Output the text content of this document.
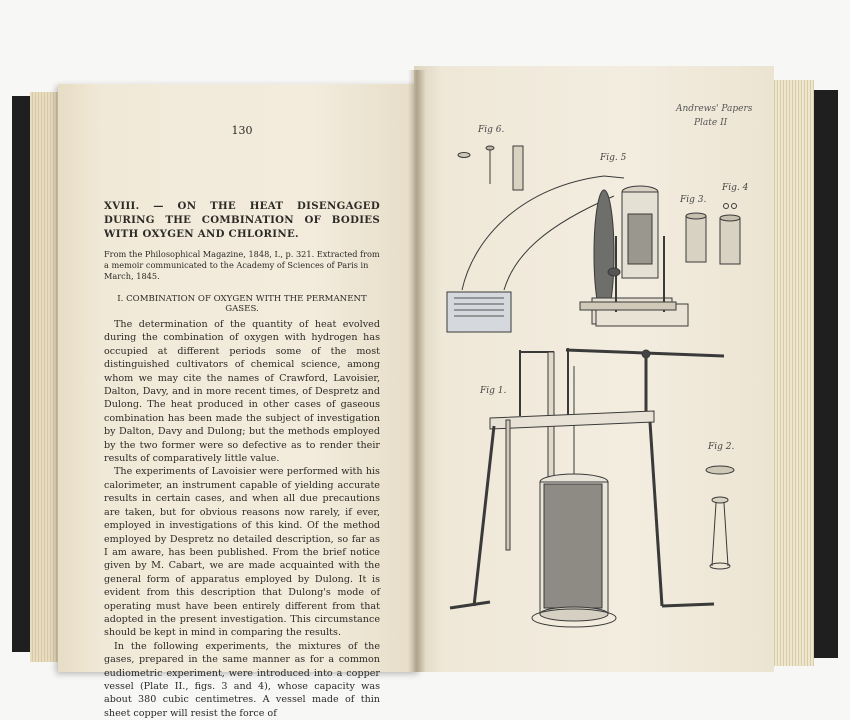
130

XVIII. — ON THE HEAT DISENGAGED DURING THE COMBINATION OF BODIES WITH OXYGEN AND CHLORINE.

From the Philosophical Magazine, 1848, I., p. 321. Extracted from a memoir communicated to the Academy of Sciences of Paris in March, 1845.

I. COMBINATION OF OXYGEN WITH THE PERMANENT GASES.

The determination of the quantity of heat evolved during the combination of oxygen with hydrogen has occupied at different periods some of the most distinguished cultivators of chemical science, among whom we may cite the names of Crawford, Lavoisier, Dalton, Davy, and in more recent times, of Despretz and Dulong. The heat produced in other cases of gaseous combination has been made the subject of investigation by Dalton, Davy and Dulong; but the methods employed by the two former were so defective as to render their results of comparatively little value.

The experiments of Lavoisier were performed with his calorimeter, an instrument capable of yielding accurate results in certain cases, and when all due precautions are taken, but for obvious reasons now rarely, if ever, employed in investigations of this kind. Of the method employed by Despretz no detailed description, so far as I am aware, has been published. From the brief notice given by M. Cabart, we are made acquainted with the general form of apparatus employed by Dulong. It is evident from this description that Dulong's mode of operating must have been entirely different from that adopted in the present investigation. This circumstance should be kept in mind in comparing the results.

In the following experiments, the mixtures of the gases, prepared in the same manner as for a common eudiometric experiment, were introduced into a copper vessel (Plate II., figs. 3 and 4), whose capacity was about 380 cubic centimetres. A vessel made of thin sheet copper will resist the force of

Andrews' Papers
Plate II
Fig 6.
Fig. 5
Fig 3.
Fig. 4
Fig 1.
Fig 2.
